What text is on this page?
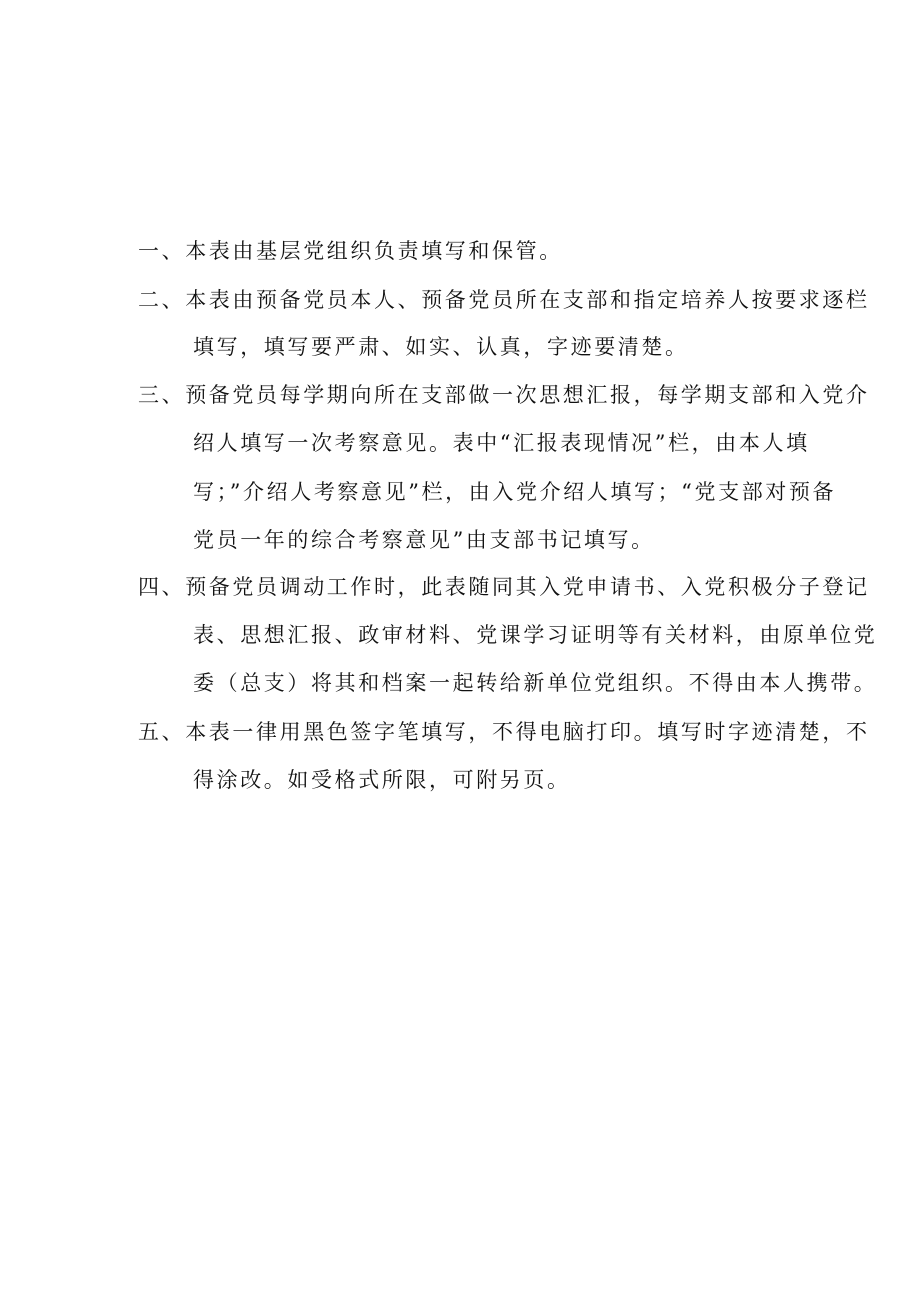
一、本表由基层党组织负责填写和保管。
二、本表由预备党员本人、预备党员所在支部和指定培养人按要求逐栏
填写，填写要严肃、如实、认真，字迹要清楚。
三、预备党员每学期向所在支部做一次思想汇报，每学期支部和入党介
绍人填写一次考察意见。表中“汇报表现情况”栏，由本人填
写；”介绍人考察意见”栏，由入党介绍人填写；“党支部对预备
党员一年的综合考察意见”由支部书记填写。
四、预备党员调动工作时，此表随同其入党申请书、入党积极分子登记
表、思想汇报、政审材料、党课学习证明等有关材料，由原单位党
委（总支）将其和档案一起转给新单位党组织。不得由本人携带。
五、本表一律用黑色签字笔填写，不得电脑打印。填写时字迹清楚，不
得涂改。如受格式所限，可附另页。
